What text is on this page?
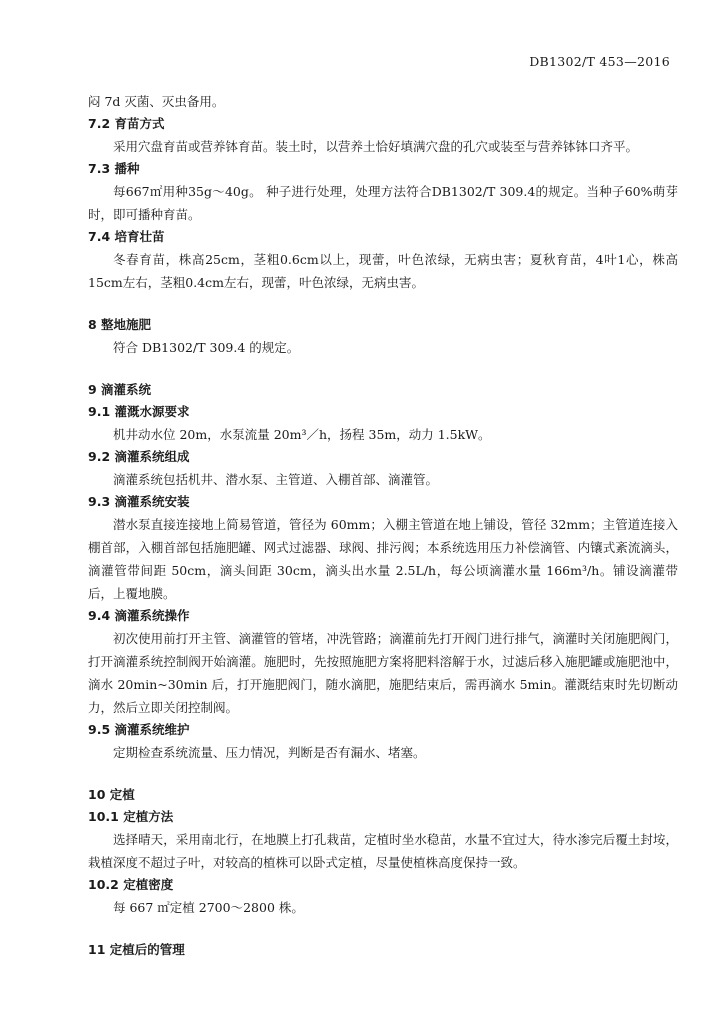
DB1302/T 453—2016

闷 7d 灭菌、灭虫备用。

7.2 育苗方式

采用穴盘育苗或营养钵育苗。装土时，以营养土恰好填满穴盘的孔穴或装至与营养钵钵口齐平。

7.3 播种

每667㎡用种35g～40g。 种子进行处理，处理方法符合DB1302/T 309.4的规定。当种子60%萌芽时，即可播种育苗。

7.4 培育壮苗

冬春育苗，株高25cm，茎粗0.6cm以上，现蕾，叶色浓绿，无病虫害；夏秋育苗，4叶1心，株高15cm左右，茎粗0.4cm左右，现蕾，叶色浓绿，无病虫害。

8 整地施肥

符合 DB1302/T 309.4 的规定。

9 滴灌系统

9.1 灌溉水源要求

机井动水位 20m，水泵流量 20m³／h，扬程 35m，动力 1.5kW。

9.2 滴灌系统组成

滴灌系统包括机井、潜水泵、主管道、入棚首部、滴灌管。

9.3 滴灌系统安装

潜水泵直接连接地上简易管道，管径为 60mm；入棚主管道在地上铺设，管径 32mm；主管道连接入棚首部，入棚首部包括施肥罐、网式过滤器、球阀、排污阀；本系统选用压力补偿滴管、内镶式紊流滴头，滴灌管带间距 50cm，滴头间距 30cm，滴头出水量 2.5L/h，每公顷滴灌水量 166m³/h。铺设滴灌带后，上覆地膜。

9.4 滴灌系统操作

初次使用前打开主管、滴灌管的管堵，冲洗管路；滴灌前先打开阀门进行排气，滴灌时关闭施肥阀门，打开滴灌系统控制阀开始滴灌。施肥时，先按照施肥方案将肥料溶解于水，过滤后移入施肥罐或施肥池中，滴水 20min~30min 后，打开施肥阀门，随水滴肥，施肥结束后，需再滴水 5min。灌溉结束时先切断动力，然后立即关闭控制阀。

9.5 滴灌系统维护

定期检查系统流量、压力情况，判断是否有漏水、堵塞。

10 定植

10.1 定植方法

选择晴天，采用南北行，在地膜上打孔栽苗，定植时坐水稳苗，水量不宜过大，待水渗完后覆土封垵，栽植深度不超过子叶，对较高的植株可以卧式定植，尽量使植株高度保持一致。

10.2 定植密度

每 667 ㎡定植 2700～2800 株。

11 定植后的管理
